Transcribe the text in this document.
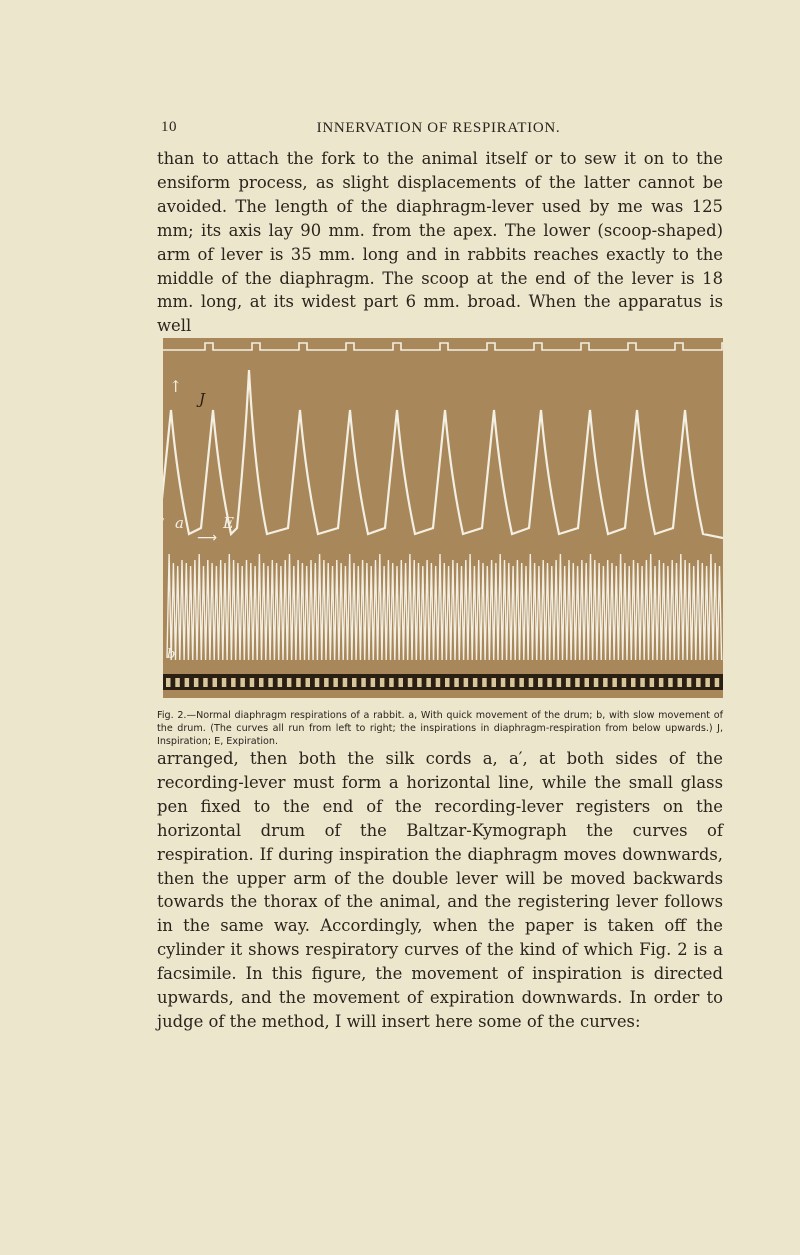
10	INNERVATION OF RESPIRATION.

than to attach the fork to the animal itself or to sew it on to the ensiform process, as slight displacements of the latter cannot be avoided. The length of the diaphragm-lever used by me was 125 mm; its axis lay 90 mm. from the apex. The lower (scoop-shaped) arm of lever is 35 mm. long and in rabbits reaches exactly to the middle of the diaphragm. The scoop at the end of the lever is 18 mm. long, at its widest part 6 mm. broad. When the apparatus is well

↑
J
a	E
⟶
b

Fig. 2.—Normal diaphragm respirations of a rabbit. a, With quick movement of the drum; b, with slow movement of the drum. (The curves all run from left to right; the inspirations in diaphragm-respiration from below upwards.) J, Inspiration; E, Expiration.

arranged, then both the silk cords a, a′, at both sides of the recording-lever must form a horizontal line, while the small glass pen fixed to the end of the recording-lever registers on the horizontal drum of the Baltzar-Kymograph the curves of respiration. If during inspiration the diaphragm moves downwards, then the upper arm of the double lever will be moved backwards towards the thorax of the animal, and the registering lever follows in the same way. Accordingly, when the paper is taken off the cylinder it shows respiratory curves of the kind of which Fig. 2 is a facsimile. In this figure, the movement of inspiration is directed upwards, and the movement of expiration downwards. In order to judge of the method, I will insert here some of the curves:
